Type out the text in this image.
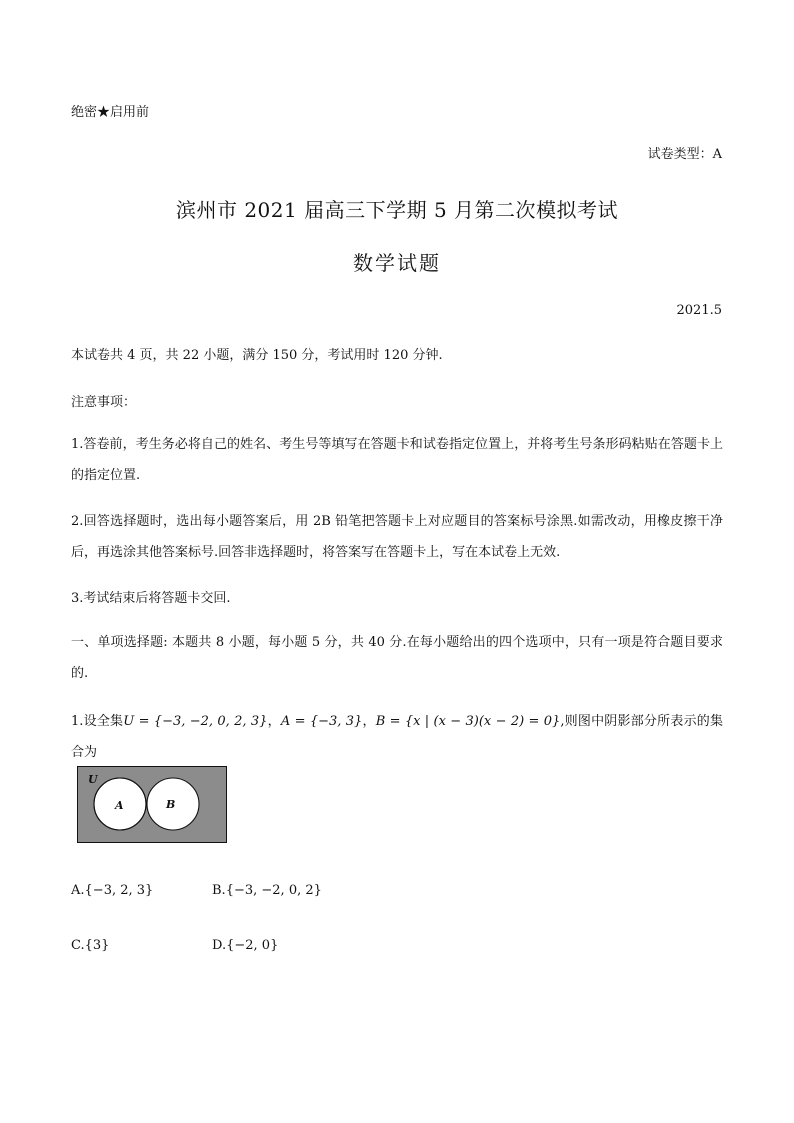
绝密★启用前
试卷类型：A
滨州市 2021 届高三下学期 5 月第二次模拟考试
数学试题
2021.5
本试卷共 4 页，共 22 小题，满分 150 分，考试用时 120 分钟.
注意事项：
1.答卷前，考生务必将自己的姓名、考生号等填写在答题卡和试卷指定位置上，并将考生号条形码粘贴在答题卡上的指定位置.
2.回答选择题时，选出每小题答案后，用 2B 铅笔把答题卡上对应题目的答案标号涂黑.如需改动，用橡皮擦干净后，再选涂其他答案标号.回答非选择题时，将答案写在答题卡上，写在本试卷上无效.
3.考试结束后将答题卡交回.
一、单项选择题: 本题共 8 小题，每小题 5 分，共 40 分.在每小题给出的四个选项中，只有一项是符合题目要求的.
1.设全集U = {−3, −2, 0, 2, 3}，A = {−3, 3}，B = {x | (x − 3)(x − 2) = 0},则图中阴影部分所表示的集合为
U
A	B
A.{−3, 2, 3}	B.{−3, −2, 0, 2}
C.{3}	D.{−2, 0}
